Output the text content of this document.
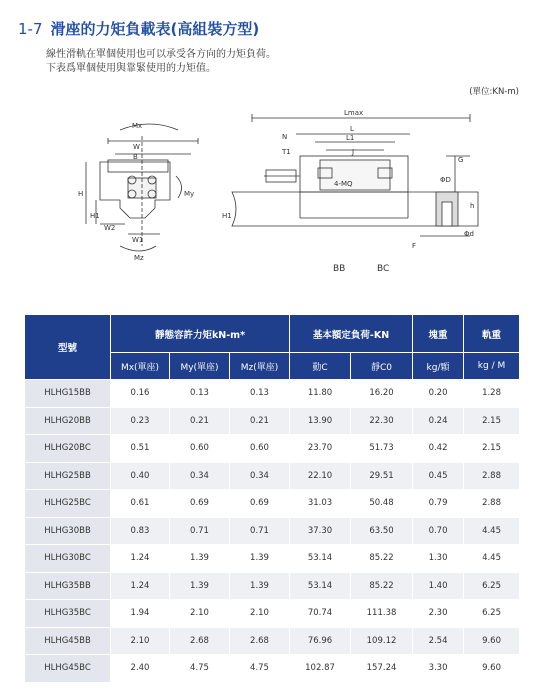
1-7 滑座的力矩負載表(高組裝方型)
線性滑軌在單個使用也可以承受各方向的力矩負荷。
下表爲單個使用與靠緊使用的力矩值。
(單位:KN-m)
Mx
W
B
W2
W1
H
H1
My
Mz
Lmax
L
L1
N
T1	J
4-MQ
H1
G
ΦD
Φd
h
F
BB	BC
型號	靜態容許力矩kN-m*			基本額定負荷-KN		塊重	軌重
	Mx(單座)	My(單座)	Mz(單座)	動C	靜C0	kg/顆	kg / M
HLHG15BB	0.16	0.13	0.13	11.80	16.20	0.20	1.28
HLHG20BB	0.23	0.21	0.21	13.90	22.30	0.24	2.15
HLHG20BC	0.51	0.60	0.60	23.70	51.73	0.42	2.15
HLHG25BB	0.40	0.34	0.34	22.10	29.51	0.45	2.88
HLHG25BC	0.61	0.69	0.69	31.03	50.48	0.79	2.88
HLHG30BB	0.83	0.71	0.71	37.30	63.50	0.70	4.45
HLHG30BC	1.24	1.39	1.39	53.14	85.22	1.30	4.45
HLHG35BB	1.24	1.39	1.39	53.14	85.22	1.40	6.25
HLHG35BC	1.94	2.10	2.10	70.74	111.38	2.30	6.25
HLHG45BB	2.10	2.68	2.68	76.96	109.12	2.54	9.60
HLHG45BC	2.40	4.75	4.75	102.87	157.24	3.30	9.60
